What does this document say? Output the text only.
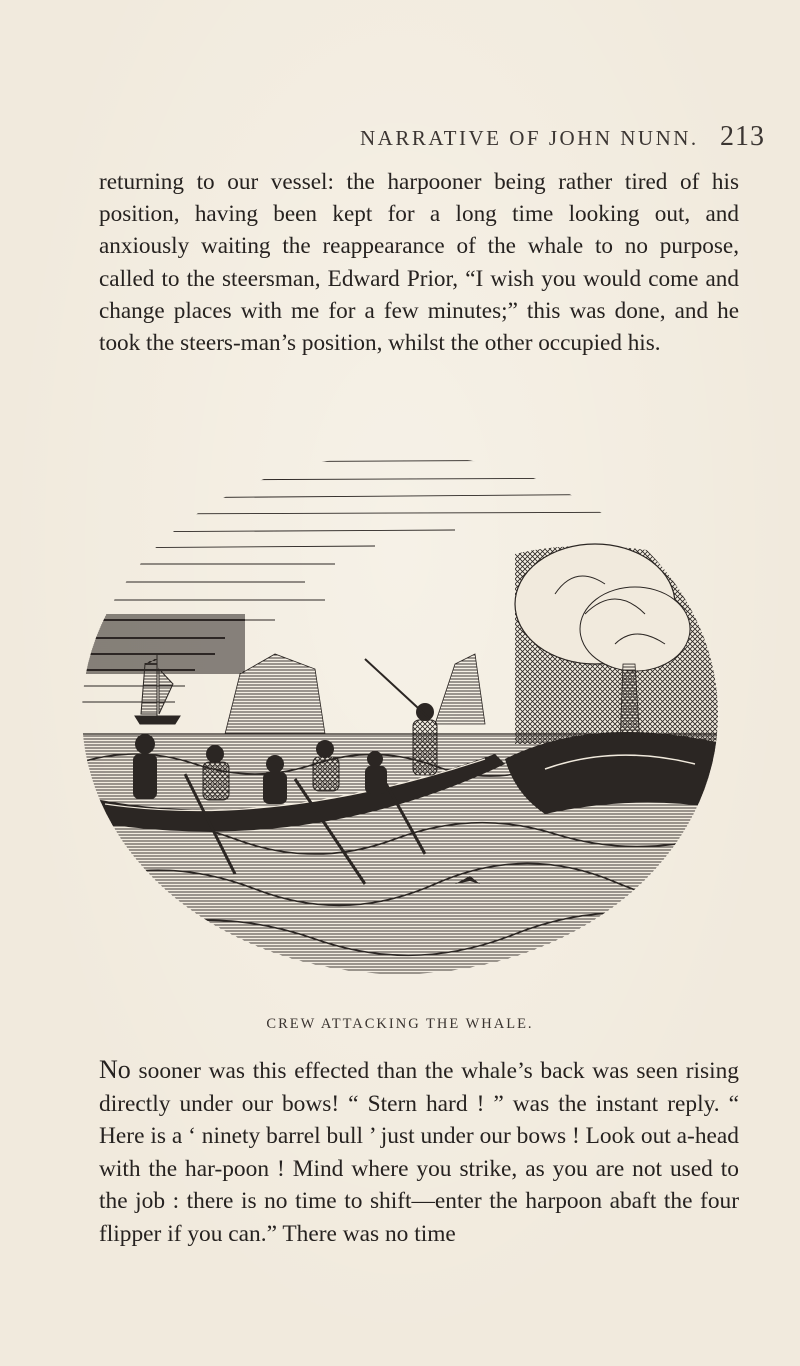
NARRATIVE OF JOHN NUNN. 213

returning to our vessel: the harpooner being rather tired of his position, having been kept for a long time looking out, and anxiously waiting the reappearance of the whale to no purpose, called to the steersman, Edward Prior, “I wish you would come and change places with me for a few minutes;” this was done, and he took the steers-man’s position, whilst the other occupied his.

CREW ATTACKING THE WHALE.

No sooner was this effected than the whale’s back was seen rising directly under our bows! “ Stern hard ! ” was the instant reply. “ Here is a ‘ ninety barrel bull ’ just under our bows ! Look out a-head with the har-poon ! Mind where you strike, as you are not used to the job : there is no time to shift—enter the harpoon abaft the four flipper if you can.” There was no time
